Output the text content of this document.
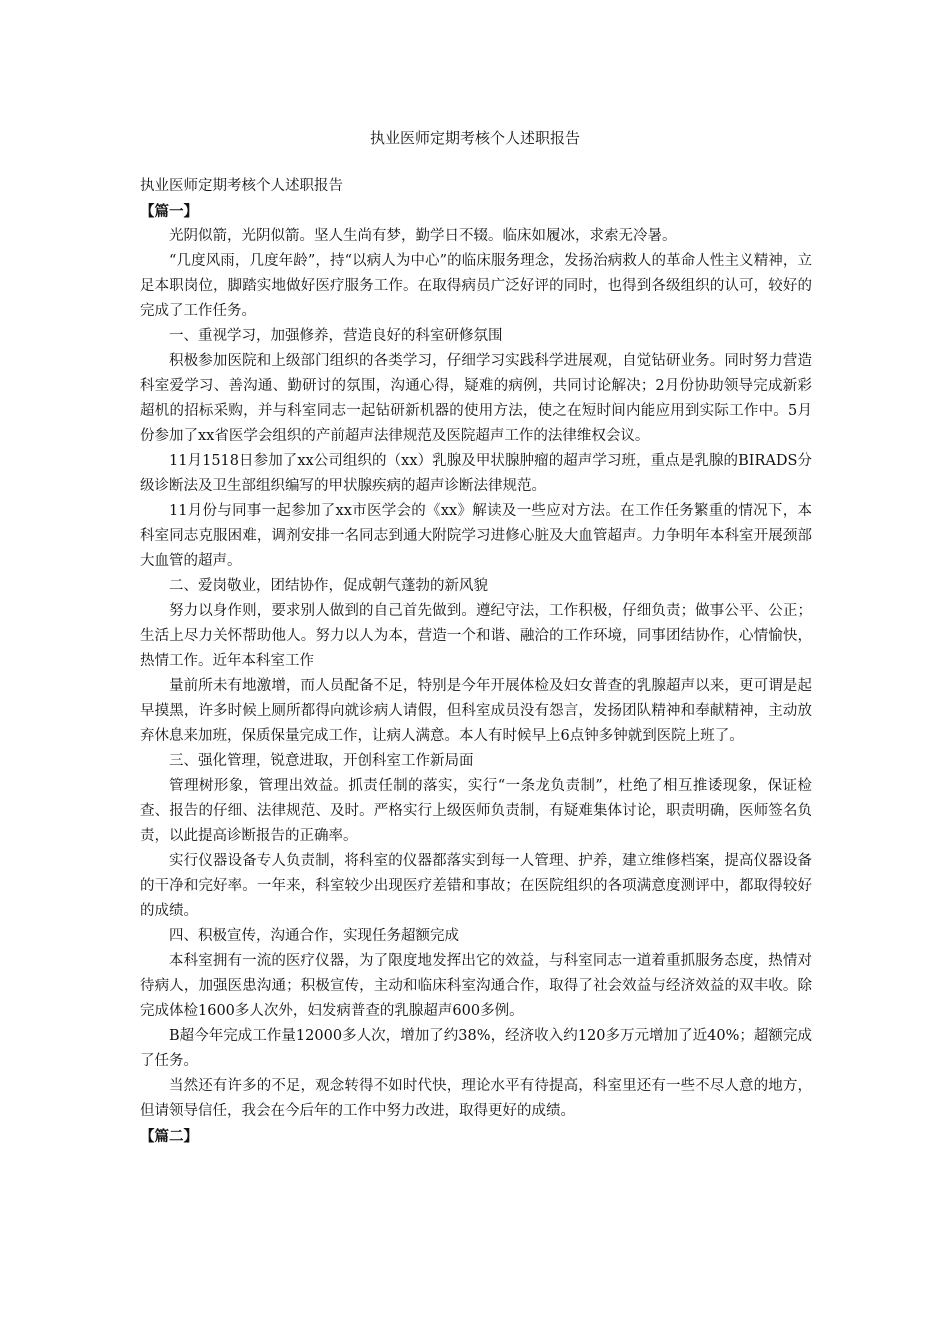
执业医师定期考核个人述职报告

执业医师定期考核个人述职报告

【篇一】

光阴似箭，光阴似箭。坚人生尚有梦，勤学日不辍。临床如履冰，求索无冷暑。

“几度风雨，几度年龄”，持“以病人为中心”的临床服务理念，发扬治病救人的革命人性主义精神，立足本职岗位，脚踏实地做好医疗服务工作。在取得病员广泛好评的同时，也得到各级组织的认可，较好的完成了工作任务。

一、重视学习，加强修养，营造良好的科室研修氛围

积极参加医院和上级部门组织的各类学习，仔细学习实践科学进展观，自觉钻研业务。同时努力营造科室爱学习、善沟通、勤研讨的氛围，沟通心得，疑难的病例，共同讨论解决；2月份协助领导完成新彩超机的招标采购，并与科室同志一起钻研新机器的使用方法，使之在短时间内能应用到实际工作中。5月份参加了xx省医学会组织的产前超声法律规范及医院超声工作的法律维权会议。

11月1518日参加了xx公司组织的（xx）乳腺及甲状腺肿瘤的超声学习班，重点是乳腺的BIRADS分级诊断法及卫生部组织编写的甲状腺疾病的超声诊断法律规范。

11月份与同事一起参加了xx市医学会的《xx》解读及一些应对方法。在工作任务繁重的情况下，本科室同志克服困难，调剂安排一名同志到通大附院学习进修心脏及大血管超声。力争明年本科室开展颈部大血管的超声。

二、爱岗敬业，团结协作，促成朝气蓬勃的新风貌

努力以身作则，要求别人做到的自己首先做到。遵纪守法，工作积极，仔细负责；做事公平、公正；生活上尽力关怀帮助他人。努力以人为本，营造一个和谐、融洽的工作环境，同事团结协作，心情愉快，热情工作。近年本科室工作

量前所未有地激增，而人员配备不足，特别是今年开展体检及妇女普查的乳腺超声以来，更可谓是起早摸黑，许多时候上厕所都得向就诊病人请假，但科室成员没有怨言，发扬团队精神和奉献精神，主动放弃休息来加班，保质保量完成工作，让病人满意。本人有时候早上6点钟多钟就到医院上班了。

三、强化管理，锐意进取，开创科室工作新局面

管理树形象，管理出效益。抓责任制的落实，实行“一条龙负责制”，杜绝了相互推诿现象，保证检查、报告的仔细、法律规范、及时。严格实行上级医师负责制，有疑难集体讨论，职责明确，医师签名负责，以此提高诊断报告的正确率。

实行仪器设备专人负责制，将科室的仪器都落实到每一人管理、护养，建立维修档案，提高仪器设备的干净和完好率。一年来，科室较少出现医疗差错和事故；在医院组织的各项满意度测评中，都取得较好的成绩。

四、积极宣传，沟通合作，实现任务超额完成

本科室拥有一流的医疗仪器，为了限度地发挥出它的效益，与科室同志一道着重抓服务态度，热情对待病人，加强医患沟通；积极宣传，主动和临床科室沟通合作，取得了社会效益与经济效益的双丰收。除完成体检1600多人次外，妇发病普查的乳腺超声600多例。

B超今年完成工作量12000多人次，增加了约38%，经济收入约120多万元增加了近40%；超额完成了任务。

当然还有许多的不足，观念转得不如时代快，理论水平有待提高，科室里还有一些不尽人意的地方，但请领导信任，我会在今后年的工作中努力改进，取得更好的成绩。

【篇二】
